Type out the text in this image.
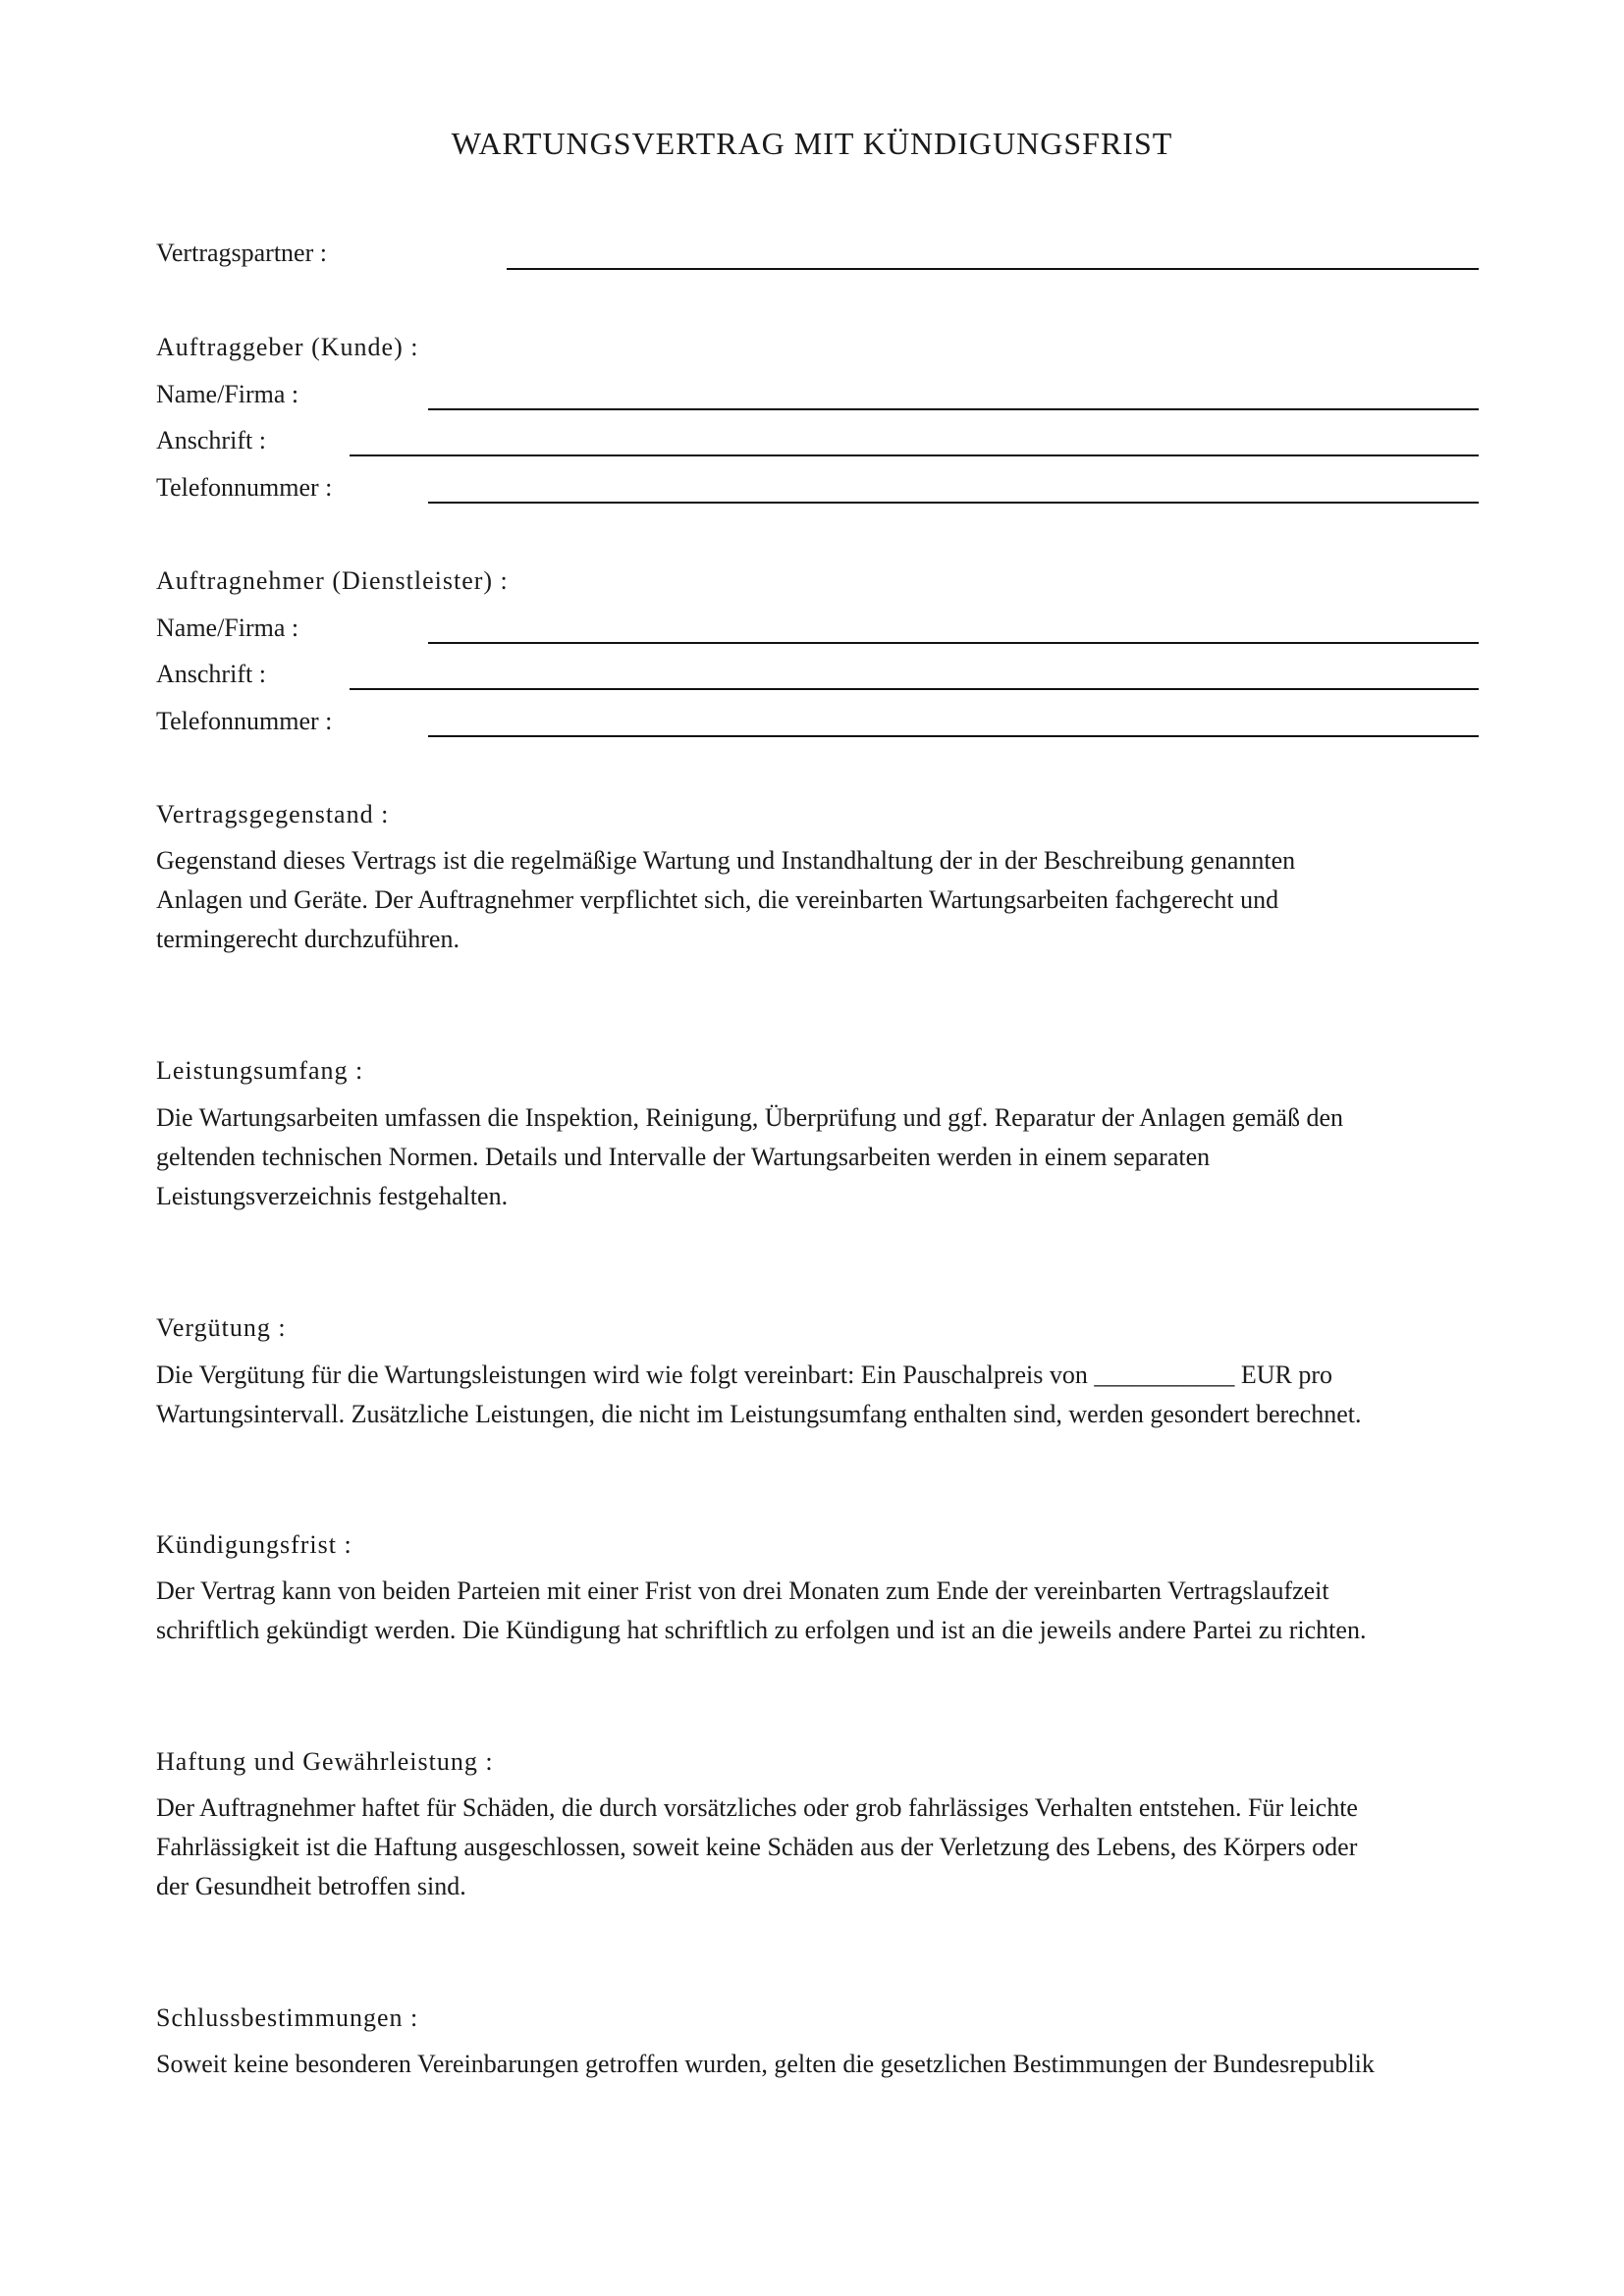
WARTUNGSVERTRAG MIT KÜNDIGUNGSFRIST
Vertragspartner :
Auftraggeber (Kunde) :
Name/Firma :
Anschrift :
Telefonnummer :
Auftragnehmer (Dienstleister) :
Name/Firma :
Anschrift :
Telefonnummer :
Vertragsgegenstand :
Gegenstand dieses Vertrags ist die regelmäßige Wartung und Instandhaltung der in der Beschreibung genannten
Anlagen und Geräte. Der Auftragnehmer verpflichtet sich, die vereinbarten Wartungsarbeiten fachgerecht und
termingerecht durchzuführen.
Leistungsumfang :
Die Wartungsarbeiten umfassen die Inspektion, Reinigung, Überprüfung und ggf. Reparatur der Anlagen gemäß den
geltenden technischen Normen. Details und Intervalle der Wartungsarbeiten werden in einem separaten
Leistungsverzeichnis festgehalten.
Vergütung :
Die Vergütung für die Wartungsleistungen wird wie folgt vereinbart: Ein Pauschalpreis von ___________ EUR pro
Wartungsintervall. Zusätzliche Leistungen, die nicht im Leistungsumfang enthalten sind, werden gesondert berechnet.
Kündigungsfrist :
Der Vertrag kann von beiden Parteien mit einer Frist von drei Monaten zum Ende der vereinbarten Vertragslaufzeit
schriftlich gekündigt werden. Die Kündigung hat schriftlich zu erfolgen und ist an die jeweils andere Partei zu richten.
Haftung und Gewährleistung :
Der Auftragnehmer haftet für Schäden, die durch vorsätzliches oder grob fahrlässiges Verhalten entstehen. Für leichte
Fahrlässigkeit ist die Haftung ausgeschlossen, soweit keine Schäden aus der Verletzung des Lebens, des Körpers oder
der Gesundheit betroffen sind.
Schlussbestimmungen :
Soweit keine besonderen Vereinbarungen getroffen wurden, gelten die gesetzlichen Bestimmungen der Bundesrepublik
